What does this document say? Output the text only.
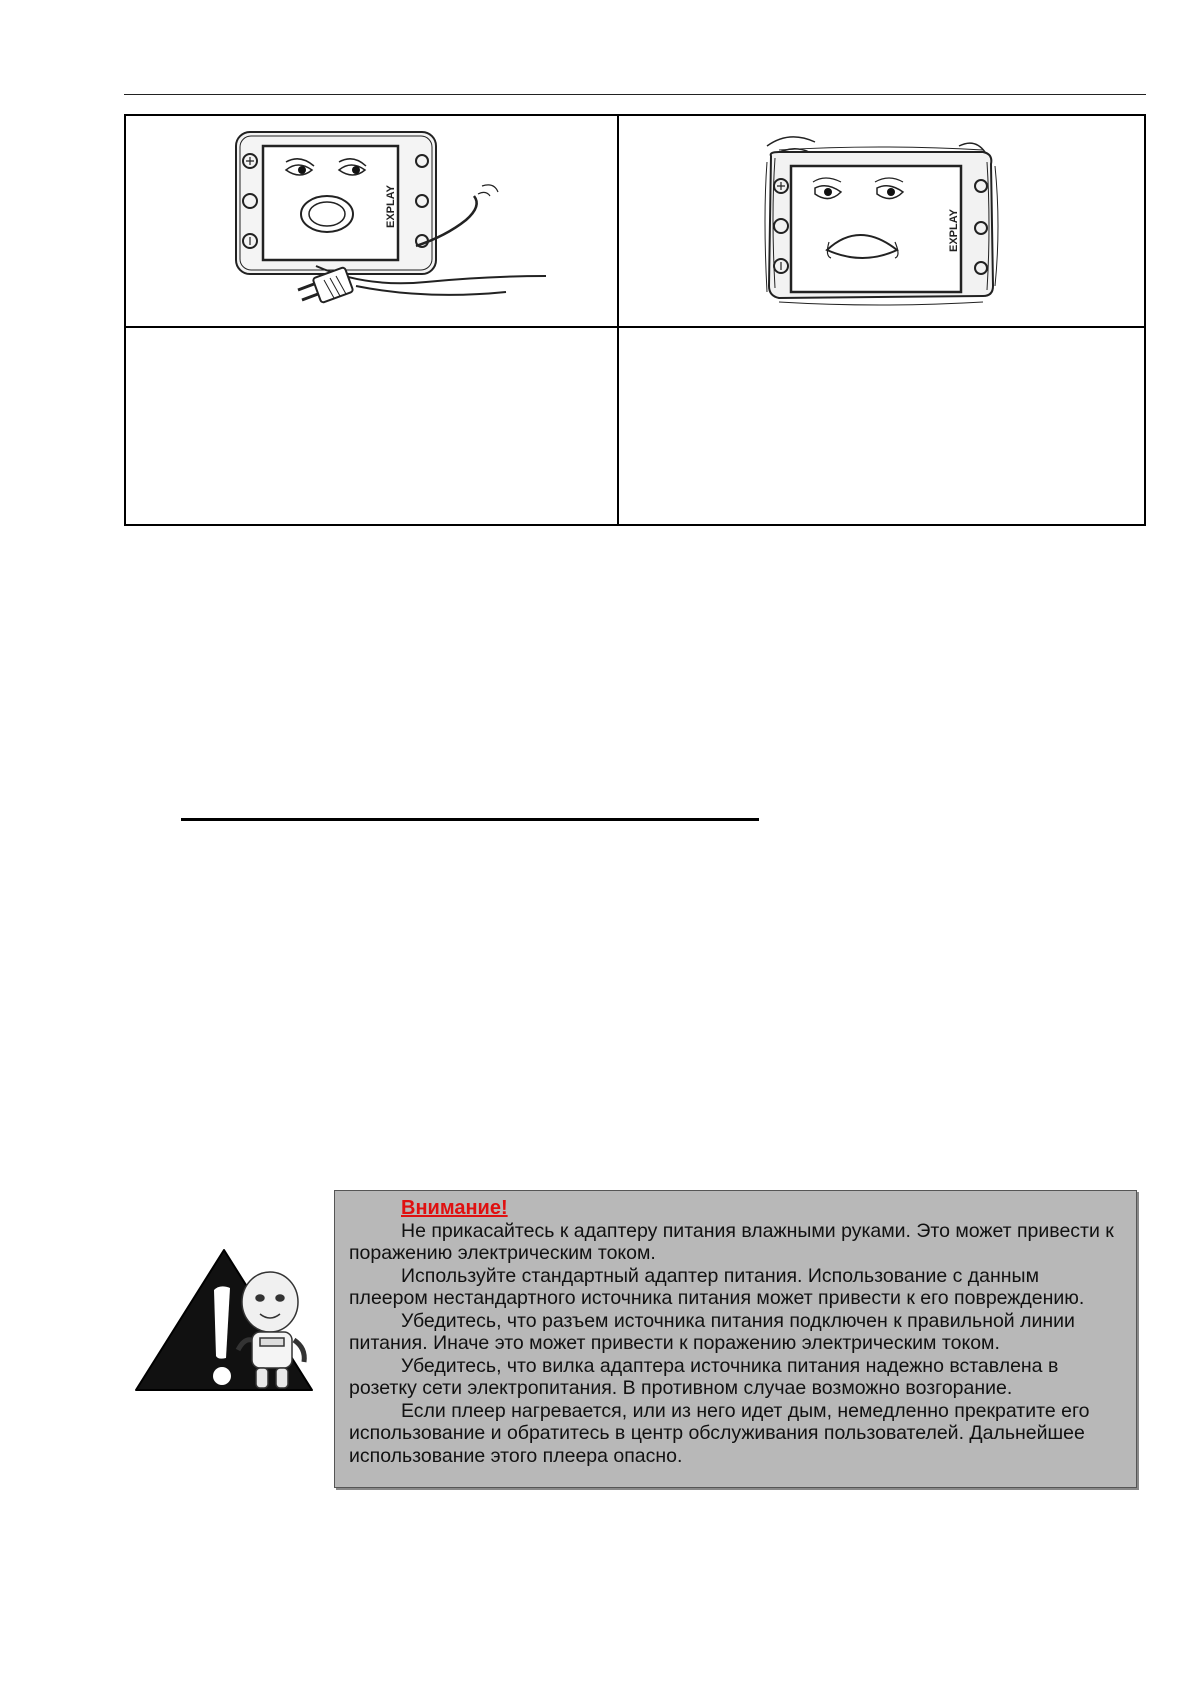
EXPLAY
EXPLAY
Внимание!

Не прикасайтесь к адаптеру питания влажными руками. Это может привести к поражению электрическим током.

Используйте стандартный адаптер питания. Использование с данным плеером нестандартного источника питания может привести к его повреждению.

Убедитесь, что разъем источника питания подключен к правильной линии питания. Иначе это может привести к поражению электрическим током.

Убедитесь, что вилка адаптера источника питания надежно вставлена в розетку сети электропитания. В противном случае возможно возгорание.

Если плеер нагревается, или из него идет дым, немедленно прекратите его использование и обратитесь в центр обслуживания пользователей. Дальнейшее использование этого плеера опасно.
